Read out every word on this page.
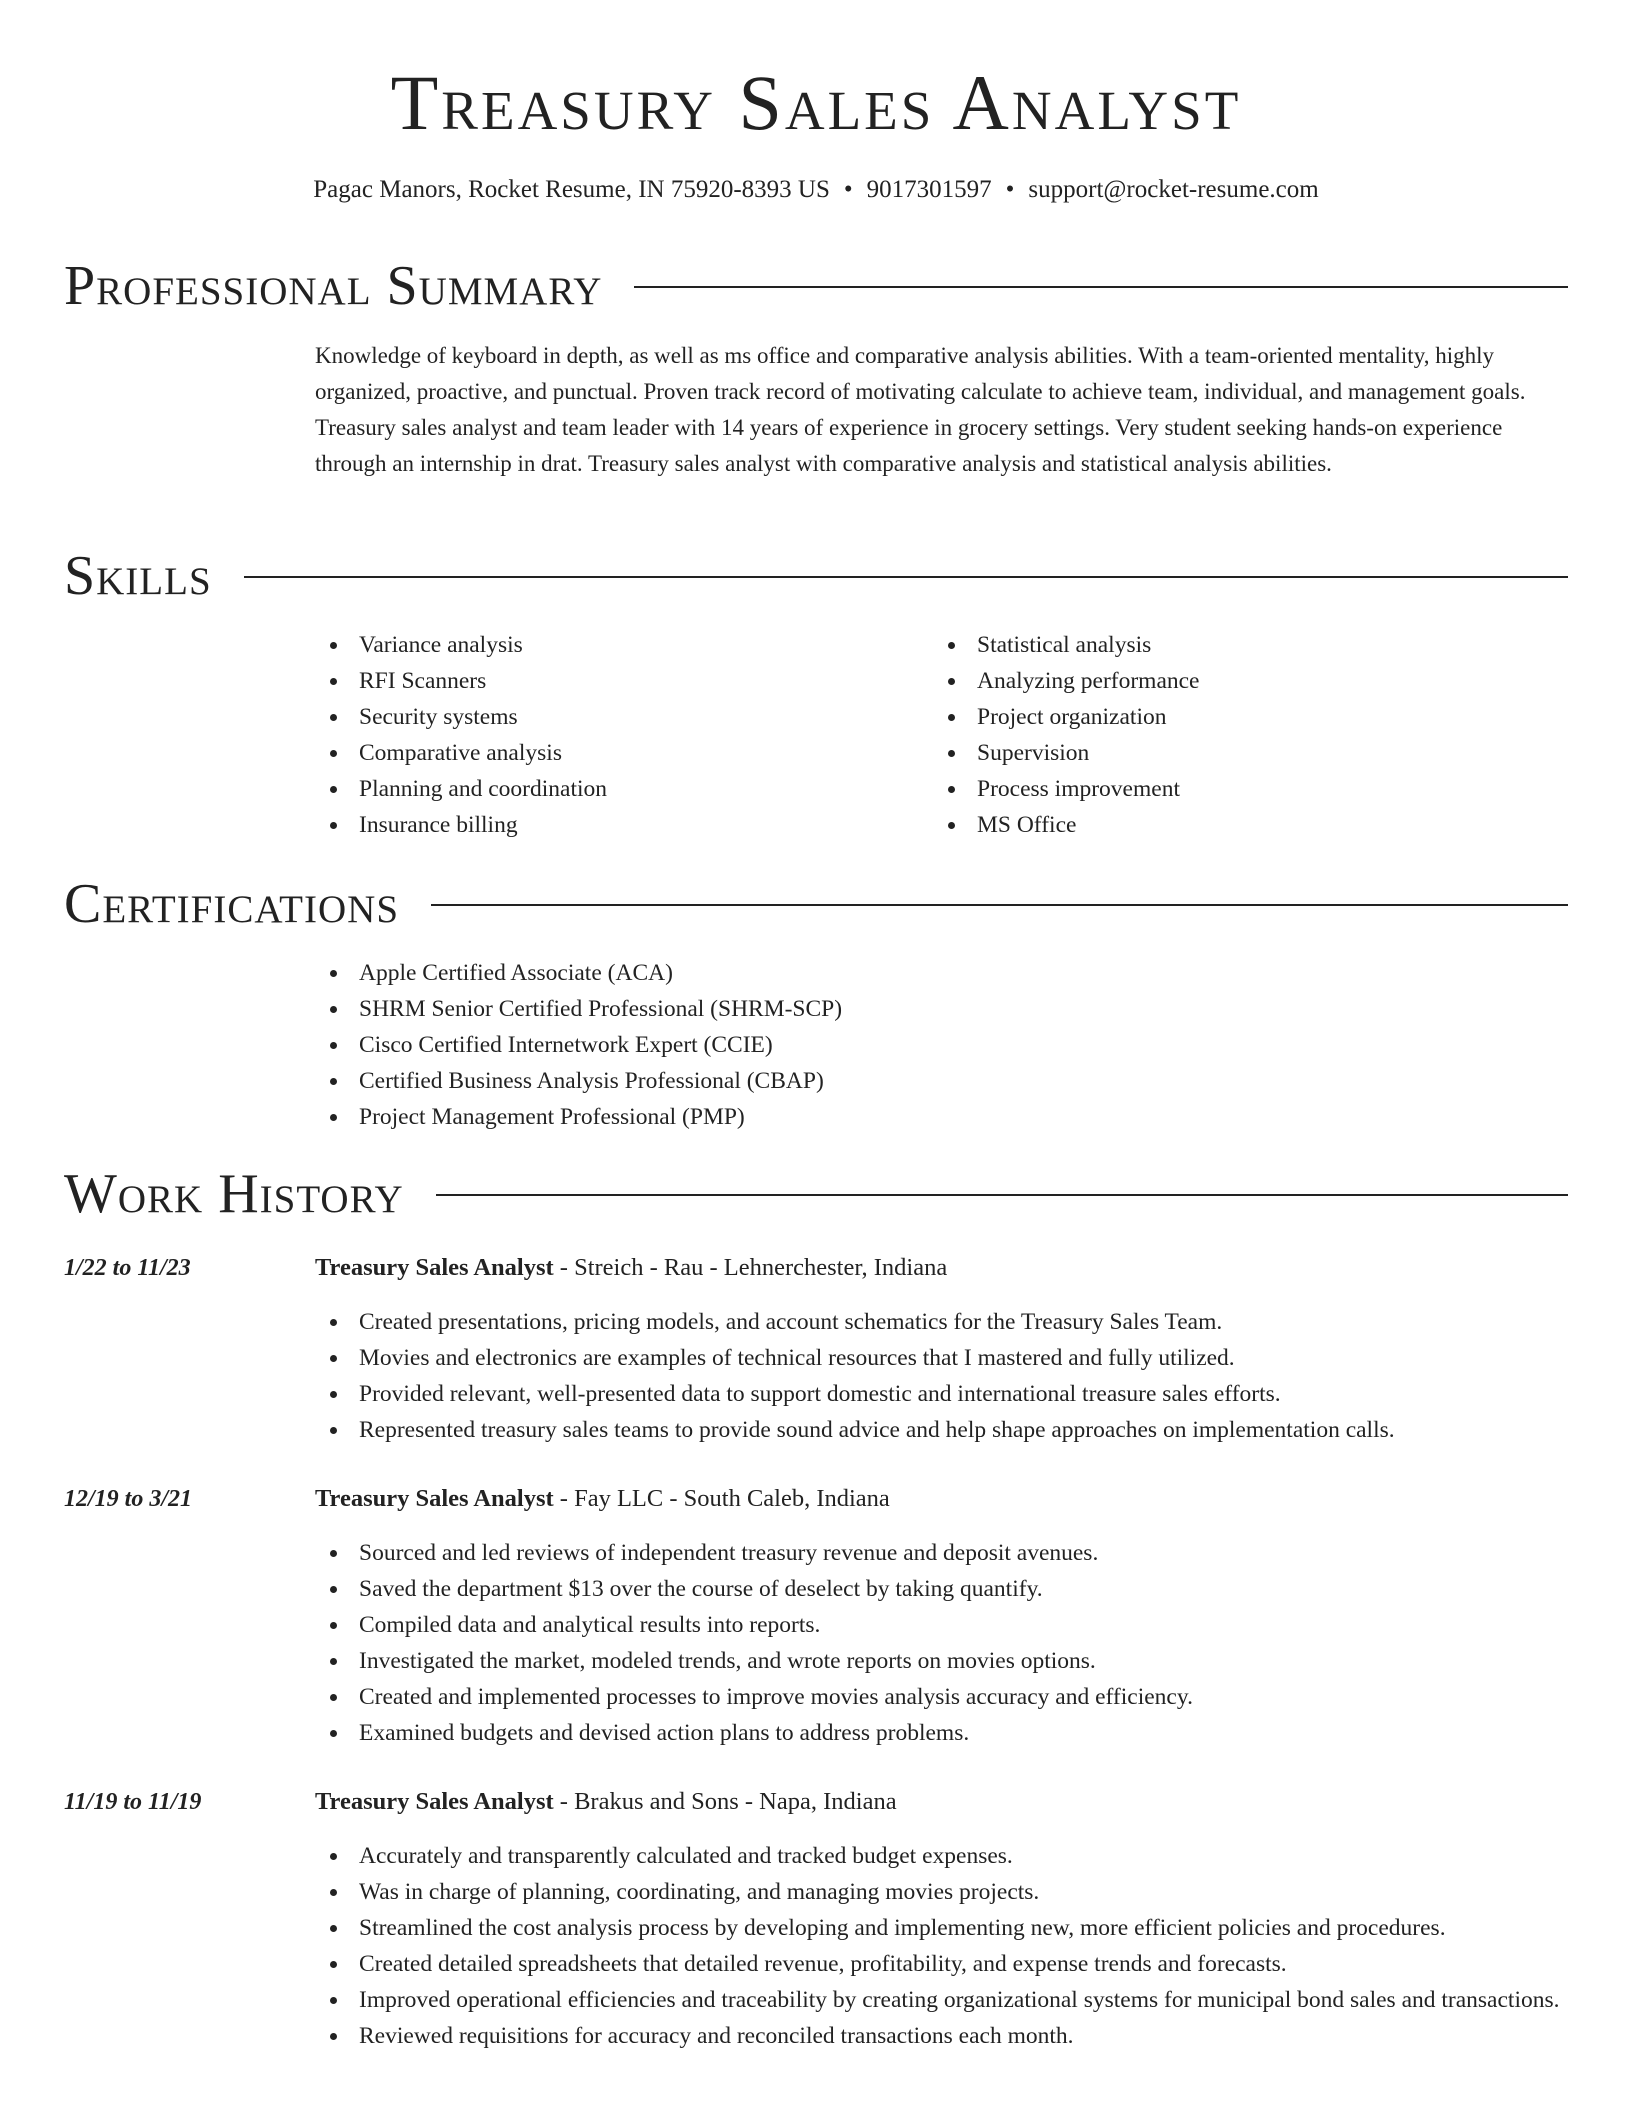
Treasury Sales Analyst
Pagac Manors, Rocket Resume, IN 75920-8393 US • 9017301597 • support@rocket-resume.com
Professional Summary

Knowledge of keyboard in depth, as well as ms office and comparative analysis abilities. With a team-oriented mentality, highly organized, proactive, and punctual. Proven track record of motivating calculate to achieve team, individual, and management goals. Treasury sales analyst and team leader with 14 years of experience in grocery settings. Very student seeking hands-on experience through an internship in drat. Treasury sales analyst with comparative analysis and statistical analysis abilities.

Skills
Variance analysis
RFI Scanners
Security systems
Comparative analysis
Planning and coordination
Insurance billing
Statistical analysis
Analyzing performance
Project organization
Supervision
Process improvement
MS Office
Certifications
Apple Certified Associate (ACA)
SHRM Senior Certified Professional (SHRM-SCP)
Cisco Certified Internetwork Expert (CCIE)
Certified Business Analysis Professional (CBAP)
Project Management Professional (PMP)
Work History
1/22 to 11/23	Treasury Sales Analyst - Streich - Rau - Lehnerchester, Indiana
Created presentations, pricing models, and account schematics for the Treasury Sales Team.
Movies and electronics are examples of technical resources that I mastered and fully utilized.
Provided relevant, well-presented data to support domestic and international treasure sales efforts.
Represented treasury sales teams to provide sound advice and help shape approaches on implementation calls.
12/19 to 3/21	Treasury Sales Analyst - Fay LLC - South Caleb, Indiana
Sourced and led reviews of independent treasury revenue and deposit avenues.
Saved the department $13 over the course of deselect by taking quantify.
Compiled data and analytical results into reports.
Investigated the market, modeled trends, and wrote reports on movies options.
Created and implemented processes to improve movies analysis accuracy and efficiency.
Examined budgets and devised action plans to address problems.
11/19 to 11/19	Treasury Sales Analyst - Brakus and Sons - Napa, Indiana
Accurately and transparently calculated and tracked budget expenses.
Was in charge of planning, coordinating, and managing movies projects.
Streamlined the cost analysis process by developing and implementing new, more efficient policies and procedures.
Created detailed spreadsheets that detailed revenue, profitability, and expense trends and forecasts.
Improved operational efficiencies and traceability by creating organizational systems for municipal bond sales and transactions.
Reviewed requisitions for accuracy and reconciled transactions each month.
